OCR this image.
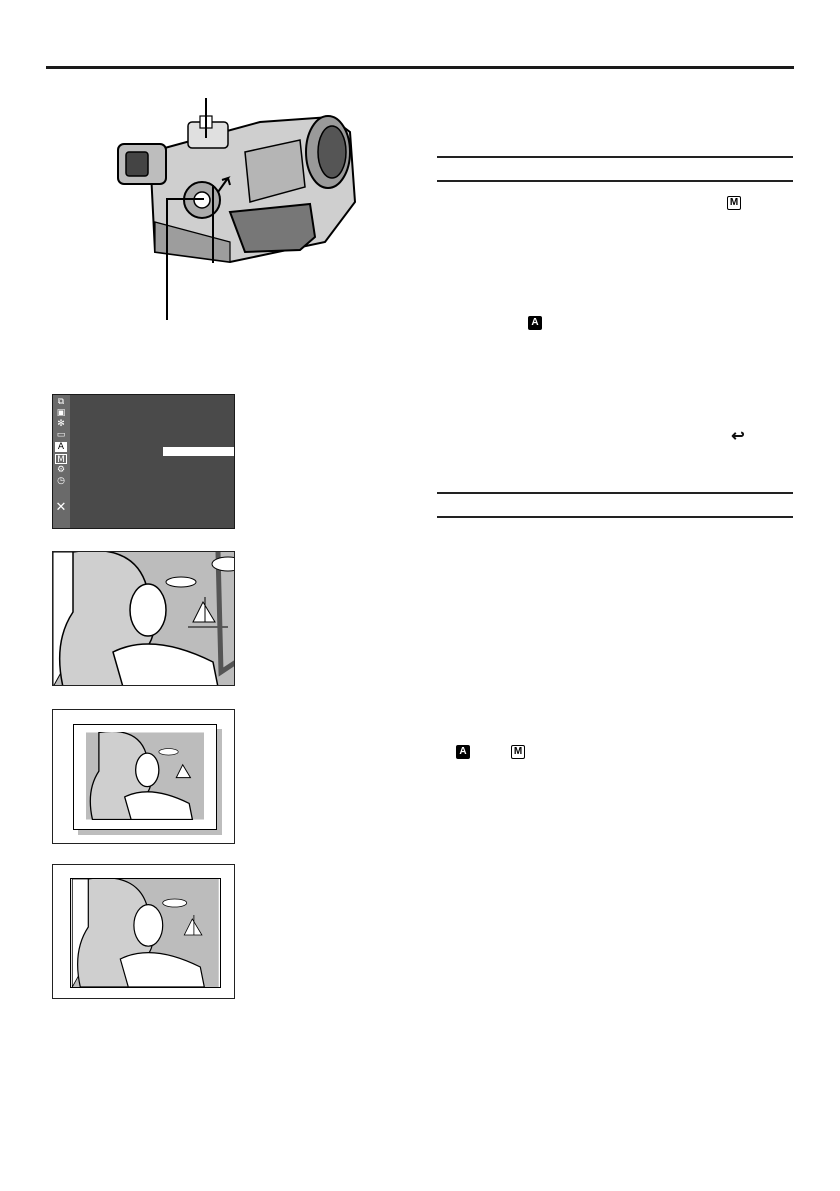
M
A
↩
A	M
⧉
▣
✻
▭
A
M
⚙
◷
✕
